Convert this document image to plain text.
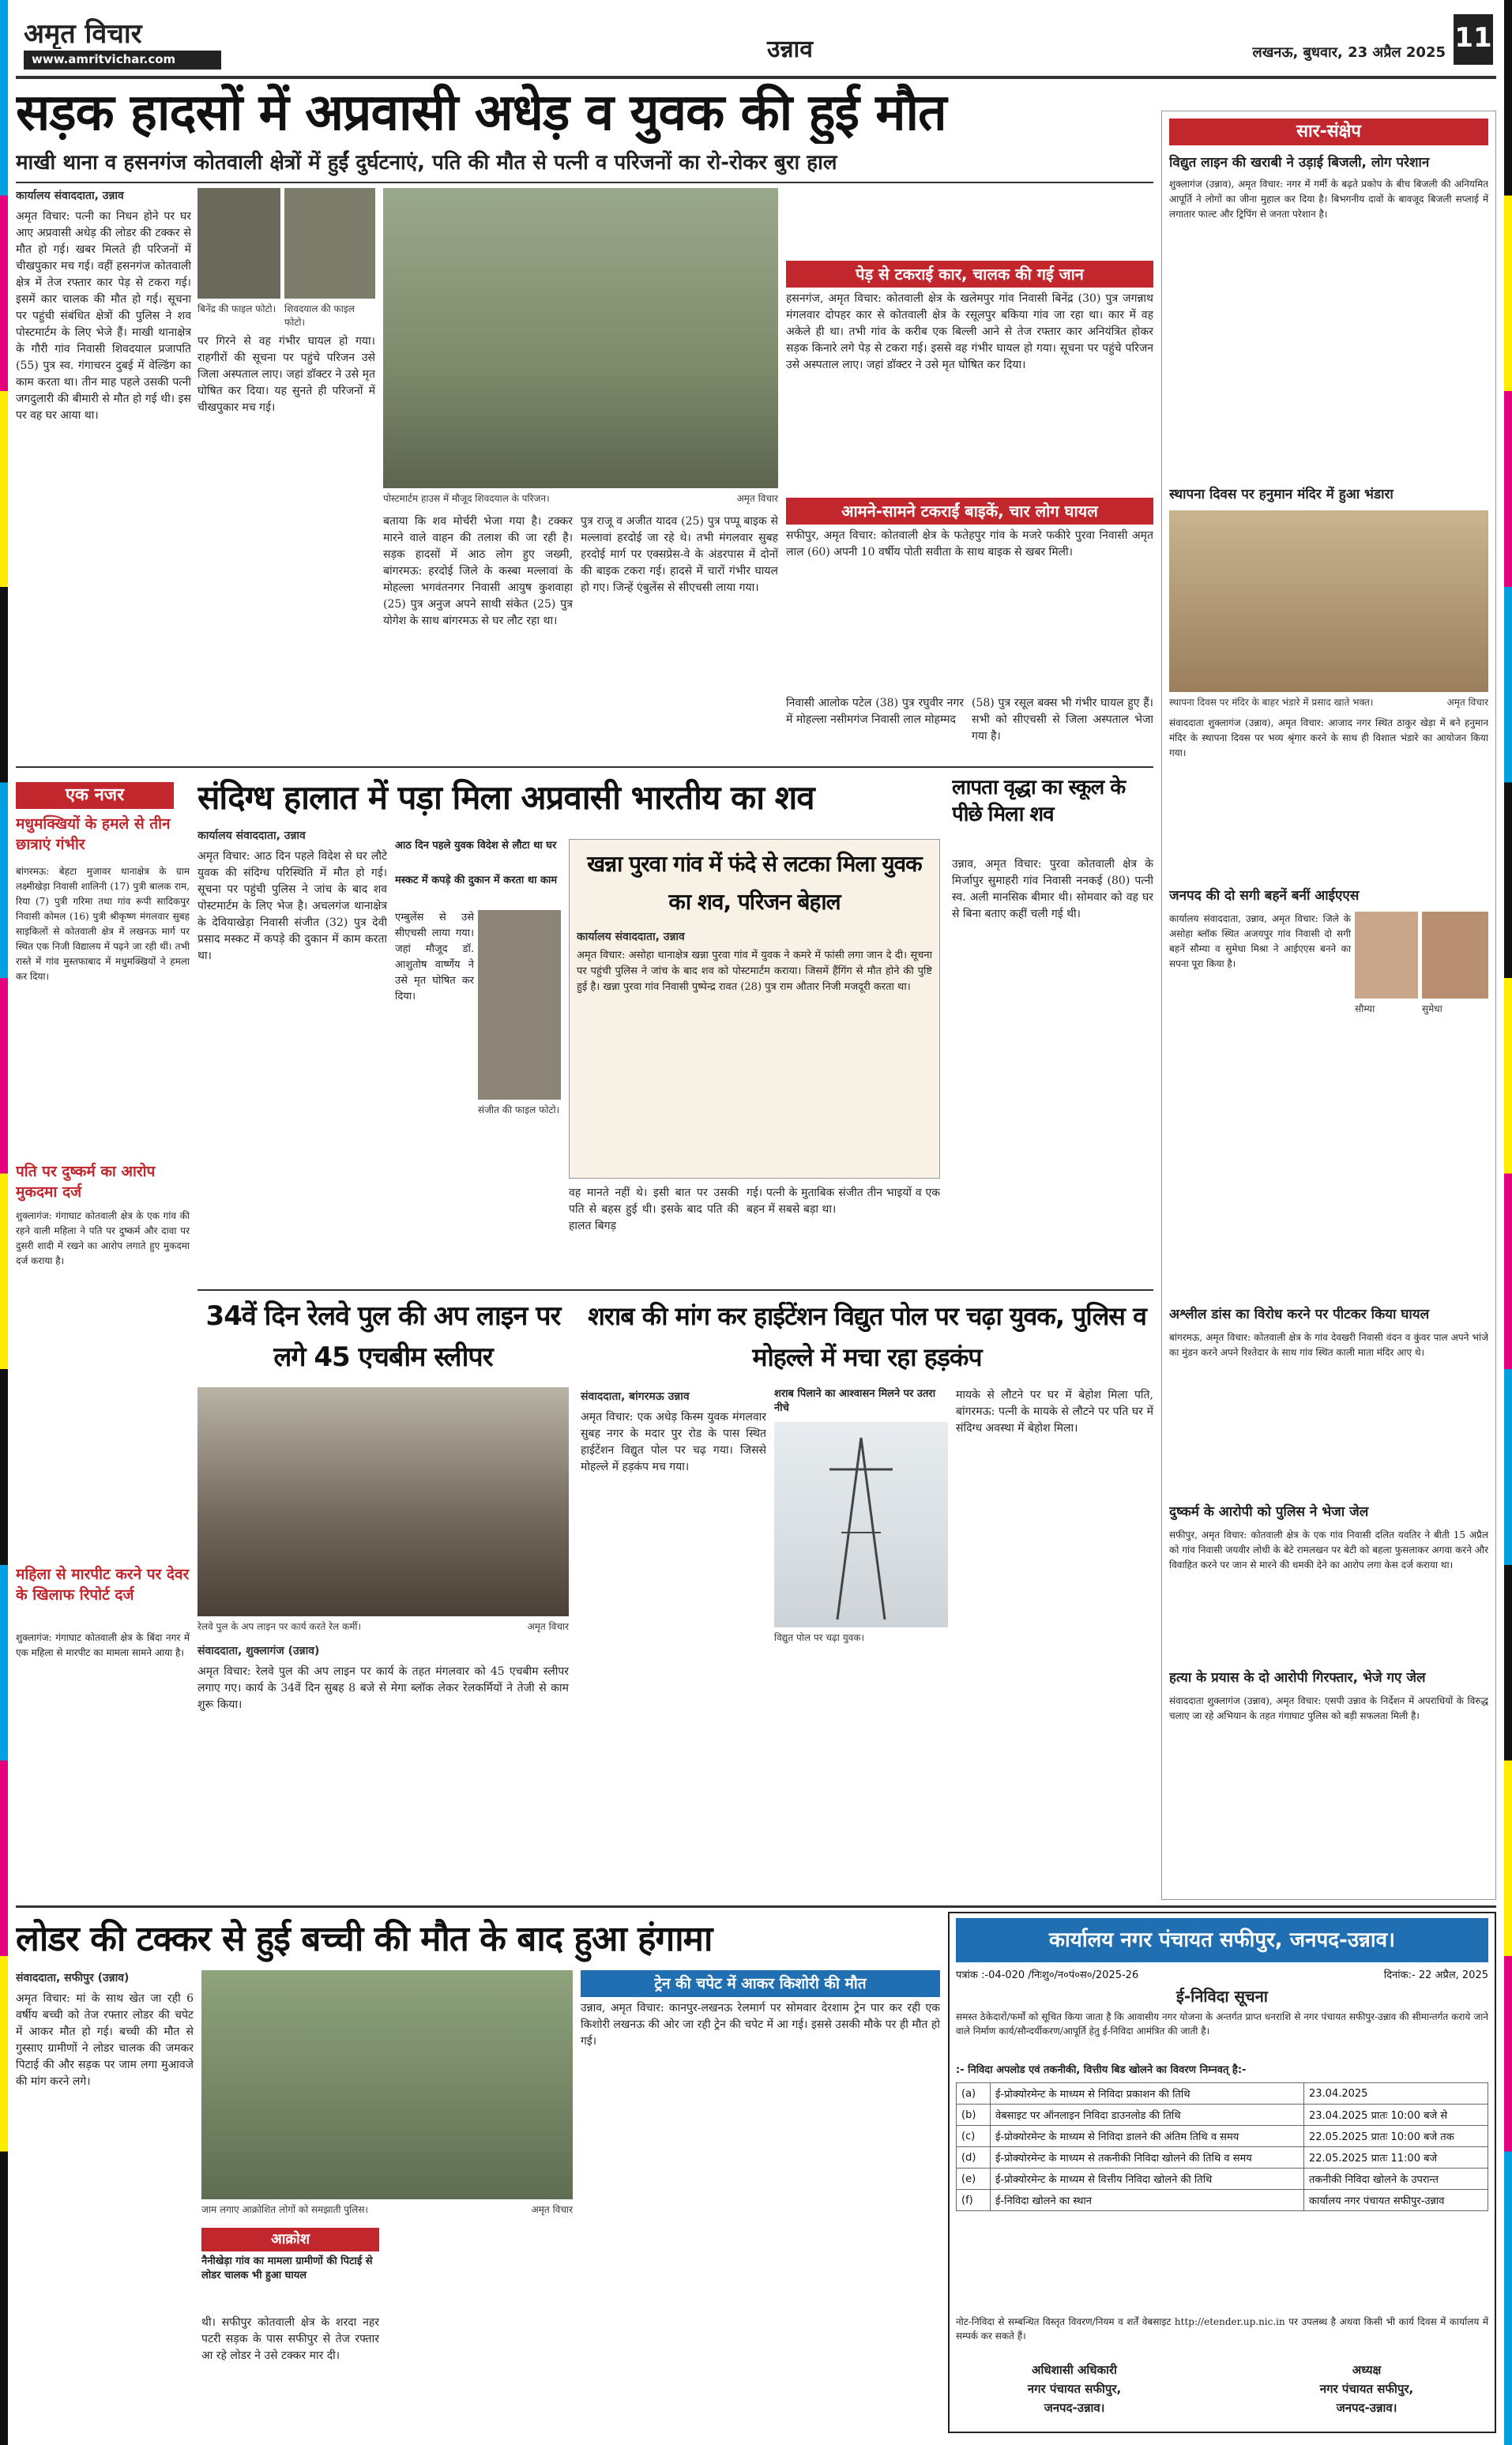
अमृत विचार
www.amritvichar.com	उन्नाव	लखनऊ, बुधवार, 23 अप्रैल 2025 11
सड़क हादसों में अप्रवासी अधेड़ व युवक की हुई मौत
माखी थाना व हसनगंज कोतवाली क्षेत्रों में हुईं दुर्घटनाएं, पति की मौत से पत्नी व परिजनों का रो-रोकर बुरा हाल
कार्यालय संवाददाता, उन्नाव
अमृत विचार: पत्नी का निधन होने पर घर आए अप्रवासी अधेड़ की लोडर की टक्कर से मौत हो गई। खबर मिलते ही परिजनों में चीखपुकार मच गई। वहीं हसनगंज कोतवाली क्षेत्र में तेज रफ्तार कार पेड़ से टकरा गई। इसमें कार चालक की मौत हो गई। सूचना पर पहुंची संबंधित क्षेत्रों की पुलिस ने शव पोस्टमार्टम के लिए भेजे हैं। माखी थानाक्षेत्र के गौरी गांव निवासी शिवदयाल प्रजापति (55) पुत्र स्व. गंगाचरन दुबई में वेल्डिंग का काम करता था। तीन माह पहले उसकी पत्नी जगदुलारी की बीमारी से मौत हो गई थी। इस पर वह घर आया था।
बिनेंद्र की फाइल फोटो। शिवदयाल की फाइल फोटो।
पर गिरने से वह गंभीर घायल हो गया। राहगीरों की सूचना पर पहुंचे परिजन उसे जिला अस्पताल लाए। जहां डॉक्टर ने उसे मृत घोषित कर दिया। यह सुनते ही परिजनों में चीखपुकार मच गई।
पोस्टमार्टम हाउस में मौजूद शिवदयाल के परिजन।	अमृत विचार
बताया कि शव मोर्चरी भेजा गया है। टक्कर मारने वाले वाहन की तलाश की जा रही है। सड़क हादसों में आठ लोग हुए जख्मी, बांगरमऊ: हरदोई जिले के कस्बा मल्लावां के मोहल्ला भगवंतनगर निवासी आयुष कुशवाहा (25) पुत्र अनुज अपने साथी संकेत (25) पुत्र योगेश के साथ बांगरमऊ से घर लौट रहा था।
पुत्र राजू व अजीत यादव (25) पुत्र पप्पू बाइक से मल्लावां हरदोई जा रहे थे। तभी मंगलवार सुबह हरदोई मार्ग पर एक्सप्रेस-वे के अंडरपास में दोनों की बाइक टकरा गई। हादसे में चारों गंभीर घायल हो गए। जिन्हें एंबुलेंस से सीएचसी लाया गया।
पेड़ से टकराई कार, चालक की गई जान
हसनगंज, अमृत विचार: कोतवाली क्षेत्र के खलेमपुर गांव निवासी बिनेंद्र (30) पुत्र जगन्नाथ मंगलवार दोपहर कार से कोतवाली क्षेत्र के रसूलपुर बकिया गांव जा रहा था। कार में वह अकेले ही था। तभी गांव के करीब एक बिल्ली आने से तेज रफ्तार कार अनियंत्रित होकर सड़क किनारे लगे पेड़ से टकरा गई। इससे वह गंभीर घायल हो गया। सूचना पर पहुंचे परिजन उसे अस्पताल लाए। जहां डॉक्टर ने उसे मृत घोषित कर दिया।
आमने-सामने टकराईं बाइकें, चार लोग घायल
सफीपुर, अमृत विचार: कोतवाली क्षेत्र के फतेहपुर गांव के मजरे फकीरे पुरवा निवासी अमृत लाल (60) अपनी 10 वर्षीय पोती सवीता के साथ बाइक से खबर मिली।
निवासी आलोक पटेल (38) पुत्र रघुवीर नगर में मोहल्ला नसीमगंज निवासी लाल मोहम्मद
(58) पुत्र रसूल बक्स भी गंभीर घायल हुए हैं। सभी को सीएचसी से जिला अस्पताल भेजा गया है।
एक नजर
मधुमक्खियों के हमले से तीन छात्राएं गंभीर
बांगरमऊ: बेहटा मुजावर थानाक्षेत्र के ग्राम लक्ष्मीखेड़ा निवासी शालिनी (17) पुत्री बालक राम, रिया (7) पुत्री गरिमा तथा गांव रूपी सादिकपुर निवासी कोमल (16) पुत्री श्रीकृष्ण मंगलवार सुबह साइकिलों से कोतवाली क्षेत्र में लखनऊ मार्ग पर स्थित एक निजी विद्यालय में पढ़ने जा रही थीं। तभी रास्ते में गांव मुस्तफाबाद में मधुमक्खियों ने हमला कर दिया।
पति पर दुष्कर्म का आरोप मुकदमा दर्ज
शुक्लागंज: गंगाघाट कोतवाली क्षेत्र के एक गांव की रहने वाली महिला ने पति पर दुष्कर्म और दावा पर दुसरी शादी में रखने का आरोप लगाते हुए मुकदमा दर्ज कराया है।
महिला से मारपीट करने पर देवर के खिलाफ रिपोर्ट दर्ज
शुक्लागंज: गंगाघाट कोतवाली क्षेत्र के बिंदा नगर में एक महिला से मारपीट का मामला सामने आया है।
संदिग्ध हालात में पड़ा मिला अप्रवासी भारतीय का शव
कार्यालय संवाददाता, उन्नाव
अमृत विचार: आठ दिन पहले विदेश से घर लौटे युवक की संदिग्ध परिस्थिति में मौत हो गई। सूचना पर पहुंची पुलिस ने जांच के बाद शव पोस्टमार्टम के लिए भेज है। अचलगंज थानाक्षेत्र के देवियाखेड़ा निवासी संजीत (32) पुत्र देवी प्रसाद मस्कट में कपड़े की दुकान में काम करता था।
आठ दिन पहले युवक विदेश से लौटा था घर
मस्कट में कपड़े की दुकान में करता था काम
एम्बुलेंस से उसे सीएचसी लाया गया। जहां मौजूद डॉ. आशुतोष वार्ष्णेय ने उसे मृत घोषित कर दिया।
संजीत की फाइल फोटो।
वह मानते नहीं थे। इसी बात पर उसकी पति से बहस हुई थी। इसके बाद पति की हालत बिगड़
गई। पत्नी के मुताबिक संजीत तीन भाइयों व एक बहन में सबसे बड़ा था।
खन्ना पुरवा गांव में फंदे से लटका मिला युवक का शव, परिजन बेहाल
कार्यालय संवाददाता, उन्नाव
अमृत विचार: असोहा थानाक्षेत्र खन्ना पुरवा गांव में युवक ने कमरे में फांसी लगा जान दे दी। सूचना पर पहुंची पुलिस ने जांच के बाद शव को पोस्टमार्टम कराया। जिसमें हैंगिंग से मौत होने की पुष्टि हुई है। खन्ना पुरवा गांव निवासी पुष्पेन्द्र रावत (28) पुत्र राम औतार निजी मजदूरी करता था।
लापता वृद्धा का स्कूल के पीछे मिला शव
उन्नाव, अमृत विचार: पुरवा कोतवाली क्षेत्र के मिर्जापुर सुमाहरी गांव निवासी ननकई (80) पत्नी स्व. अली मानसिक बीमार थी। सोमवार को वह घर से बिना बताए कहीं चली गई थी।
34वें दिन रेलवे पुल की अप लाइन पर लगे 45 एचबीम स्लीपर
रेलवे पुल के अप लाइन पर कार्य करते रेल कर्मी।	अमृत विचार
संवाददाता, शुक्लागंज (उन्नाव)
अमृत विचार: रेलवे पुल की अप लाइन पर कार्य के तहत मंगलवार को 45 एचबीम स्लीपर लगाए गए। कार्य के 34वें दिन सुबह 8 बजे से मेगा ब्लॉक लेकर रेलकर्मियों ने तेजी से काम शुरू किया।
शराब की मांग कर हाईटेंशन विद्युत पोल पर चढ़ा युवक, पुलिस व मोहल्ले में मचा रहा हड़कंप
संवाददाता, बांगरमऊ उन्नाव	शराब पिलाने का आश्वासन मिलने पर उतरा नीचे
विद्युत पोल पर चढ़ा युवक।
अमृत विचार: एक अधेड़ किस्म युवक मंगलवार सुबह नगर के मदार पुर रोड के पास स्थित हाईटेंशन विद्युत पोल पर चढ़ गया। जिससे मोहल्ले में हड़कंप मच गया।
मायके से लौटने पर घर में बेहोश मिला पति, बांगरमऊ: पत्नी के मायके से लौटने पर पति घर में संदिग्ध अवस्था में बेहोश मिला।
सार-संक्षेप
विद्युत लाइन की खराबी ने उड़ाई बिजली, लोग परेशान
शुक्लागंज (उन्नाव), अमृत विचार: नगर में गर्मी के बढ़ते प्रकोप के बीच बिजली की अनियमित आपूर्ति ने लोगों का जीना मुहाल कर दिया है। बिभगनीय दावों के बावजूद बिजली सप्लाई में लगातार फाल्ट और ट्रिपिंग से जनता परेशान है।
स्थापना दिवस पर हनुमान मंदिर में हुआ भंडारा
स्थापना दिवस पर मंदिर के बाहर भंडारे में प्रसाद खाते भक्त।	अमृत विचार
संवाददाता शुक्लागंज (उन्नाव), अमृत विचार: आजाद नगर स्थित ठाकुर खेड़ा में बने हनुमान मंदिर के स्थापना दिवस पर भव्य श्रृंगार करने के साथ ही विशाल भंडारे का आयोजन किया गया।
जनपद की दो सगी बहनें बनीं आईएएस
कार्यालय संवाददाता, उन्नाव, अमृत विचार: जिले के असोहा ब्लॉक स्थित अजयपुर गांव निवासी दो सगी बहनें सौम्या व सुमेधा मिश्रा ने आईएएस बनने का सपना पूरा किया है।
सौम्या	सुमेधा
अश्लील डांस का विरोध करने पर पीटकर किया घायल
बांगरमऊ, अमृत विचार: कोतवाली क्षेत्र के गांव देवखरी निवासी वंदन व कुंवर पाल अपने भांजे का मुंडन करने अपने रिश्तेदार के साथ गांव स्थित काली माता मंदिर आए थे।
दुष्कर्म के आरोपी को पुलिस ने भेजा जेल
सफीपुर, अमृत विचार: कोतवाली क्षेत्र के एक गांव निवासी दलित यवतिर ने बीती 15 अप्रैल को गांव निवासी जयवीर लोधी के बेटे रामलखन पर बेटी को बहला फुसलाकर अगवा करने और विवाहित करने पर जान से मारने की धमकी देने का आरोप लगा केस दर्ज कराया था।
हत्या के प्रयास के दो आरोपी गिरफ्तार, भेजे गए जेल
संवाददाता शुक्लागंज (उन्नाव), अमृत विचार: एसपी उन्नाव के निर्देशन में अपराधियों के विरुद्ध चलाए जा रहे अभियान के तहत गंगाघाट पुलिस को बड़ी सफलता मिली है।
लोडर की टक्कर से हुई बच्ची की मौत के बाद हुआ हंगामा
संवाददाता, सफीपुर (उन्नाव)
अमृत विचार: मां के साथ खेत जा रही 6 वर्षीय बच्ची को तेज रफ्तार लोडर की चपेट में आकर मौत हो गई। बच्ची की मौत से गुस्साए ग्रामीणों ने लोडर चालक की जमकर पिटाई की और सड़क पर जाम लगा मुआवजे की मांग करने लगे।
जाम लगाए आक्रोशित लोगों को समझाती पुलिस।	अमृत विचार
आक्रोश
नैनीखेड़ा गांव का मामला ग्रामीणों की पिटाई से लोडर चालक भी हुआ घायल
थी। सफीपुर कोतवाली क्षेत्र के शरदा नहर पटरी सड़क के पास सफीपुर से तेज रफ्तार आ रहे लोडर ने उसे टक्कर मार दी।
ट्रेन की चपेट में आकर किशोरी की मौत
उन्नाव, अमृत विचार: कानपुर-लखनऊ रेलमार्ग पर सोमवार देरशाम ट्रेन पार कर रही एक किशोरी लखनऊ की ओर जा रही ट्रेन की चपेट में आ गई। इससे उसकी मौके पर ही मौत हो गई।
कार्यालय नगर पंचायत सफीपुर, जनपद-उन्नाव।
पत्रांक :-04-020 /निःशु०/न०पं०स०/2025-26	दिनांक:- 22 अप्रैल, 2025
ई-निविदा सूचना
समस्त ठेकेदारों/फर्मों को सूचित किया जाता है कि आवासीय नगर योजना के अन्तर्गत प्राप्त धनराशि से नगर पंचायत सफीपुर-उन्नाव की सीमान्तर्गत कराये जाने वाले निर्माण कार्य/सौन्दर्यीकरण/आपूर्ति हेतु ई-निविदा आमंत्रित की जाती है।
:- निविदा अपलोड एवं तकनीकी, वित्तीय बिड खोलने का विवरण निम्नवत् है:-
(a)	ई-प्रोक्योरमेन्ट के माध्यम से निविदा प्रकाशन की तिथि	23.04.2025
(b)	वेबसाइट पर ऑनलाइन निविदा डाउनलोड की तिथि	23.04.2025 प्रातः 10:00 बजे से
(c)	ई-प्रोक्योरमेन्ट के माध्यम से निविदा डालने की अंतिम तिथि व समय	22.05.2025 प्रातः 10:00 बजे तक
(d)	ई-प्रोक्योरमेन्ट के माध्यम से तकनीकी निविदा खोलने की तिथि व समय	22.05.2025 प्रातः 11:00 बजे
(e)	ई-प्रोक्योरमेन्ट के माध्यम से वित्तीय निविदा खोलने की तिथि	तकनीकी निविदा खोलने के उपरान्त
(f)	ई-निविदा खोलने का स्थान	कार्यालय नगर पंचायत सफीपुर-उन्नाव
नोट-निविदा से सम्बन्धित विस्तृत विवरण/नियम व शर्तें वेबसाइट http://etender.up.nic.in पर उपलब्ध है अथवा किसी भी कार्य दिवस में कार्यालय में सम्पर्क कर सकते हैं।
अधिशासी अधिकारी
नगर पंचायत सफीपुर,
जनपद-उन्नाव।
अध्यक्ष
नगर पंचायत सफीपुर,
जनपद-उन्नाव।
